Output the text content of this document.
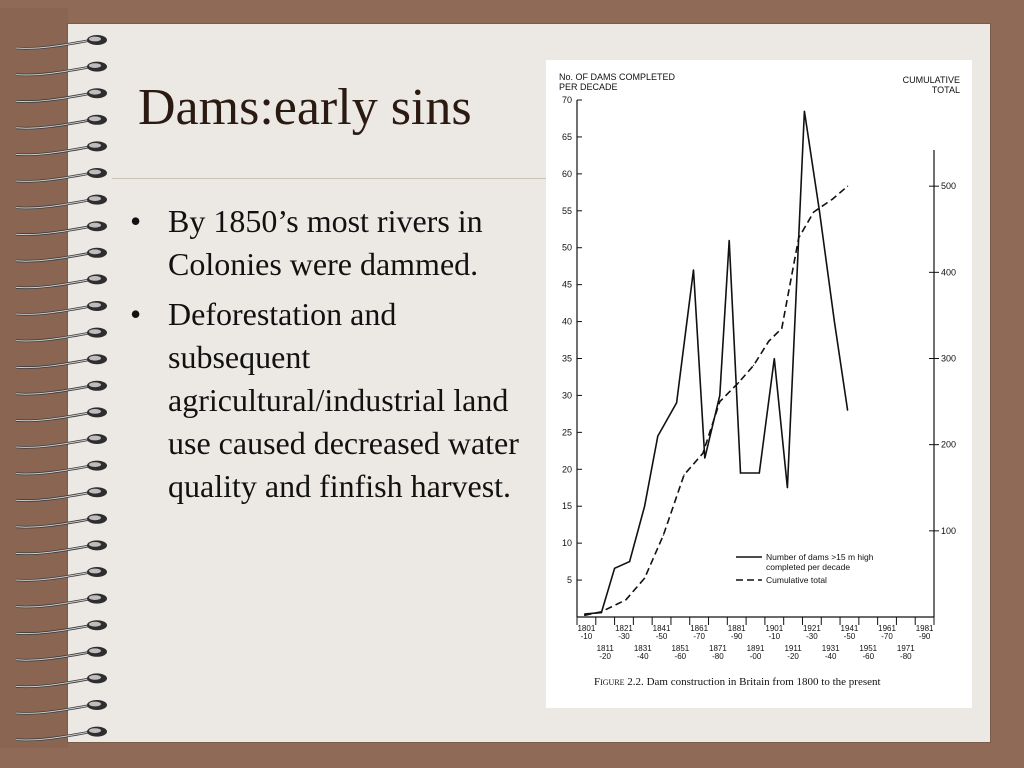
Dams:early sins
• By 1850’s most rivers in Colonies were dammed.
• Deforestation and subsequent agricultural/industrial land use caused decreased water quality and finfish harvest.
No. OF DAMS COMPLETED
PER DECADE
CUMULATIVE
TOTAL
5
10
15
20
25
30
35
40
45
50
55
60
65
70
100
200
300
400
500
1801
-10
1821
-30
1841
-50
1861
-70
1881
-90
1901
-10
1921
-30
1941
-50
1961
-70
1981
-90
1811
-20
1831
-40
1851
-60
1871
-80
1891
-00
1911
-20
1931
-40
1951
-60
1971
-80
Number of dams >15 m high
completed per decade
Cumulative total
Figure 2.2. Dam construction in Britain from 1800 to the present
